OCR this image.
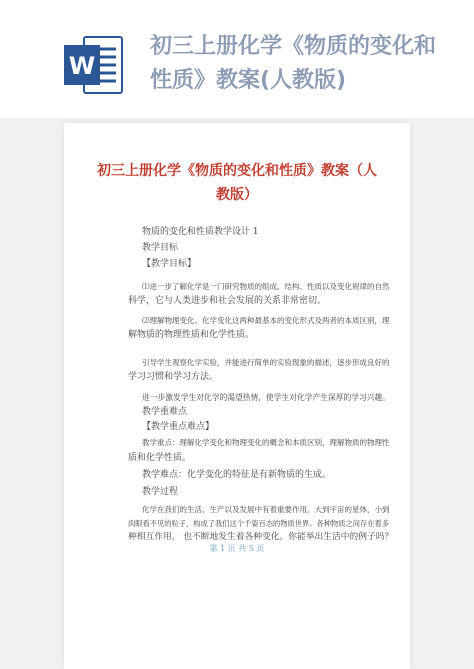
W
初三上册化学《物质的变化和
性质》教案(人教版)
初三上册化学《物质的变化和性质》教案（人
教版）
物质的变化和性质教学设计 1
教学目标
【教学目标】
⑴进一步了解化学是一门研究物质的组成、结构、性质以及变化规律的自然
科学，它与人类进步和社会发展的关系非常密切。
⑵理解物理变化、化学变化这两种最基本的变化形式及两者的本质区别，理
解物质的物理性质和化学性质。
引导学生观察化学实验，并能进行简单的实验现象的描述，逐步形成良好的
学习习惯和学习方法。
进一步激发学生对化学的渴望热情，使学生对化学产生深厚的学习兴趣。
教学重难点
【教学重点难点】
教学重点：理解化学变化和物理变化的概念和本质区别，理解物质的物理性
质和化学性质。
教学难点：化学变化的特征是有新物质的生成。
教学过程
化学在我们的生活、生产以及发展中有着重要作用。大到宇宙的星体，小到
肉眼看不见的粒子，构成了我们这个千姿百态的物质世界。各种物质之间存在着多
种相互作用， 也不断地发生着各种变化。你能举出生活中的例子吗？
第 1 页 共 5 页
